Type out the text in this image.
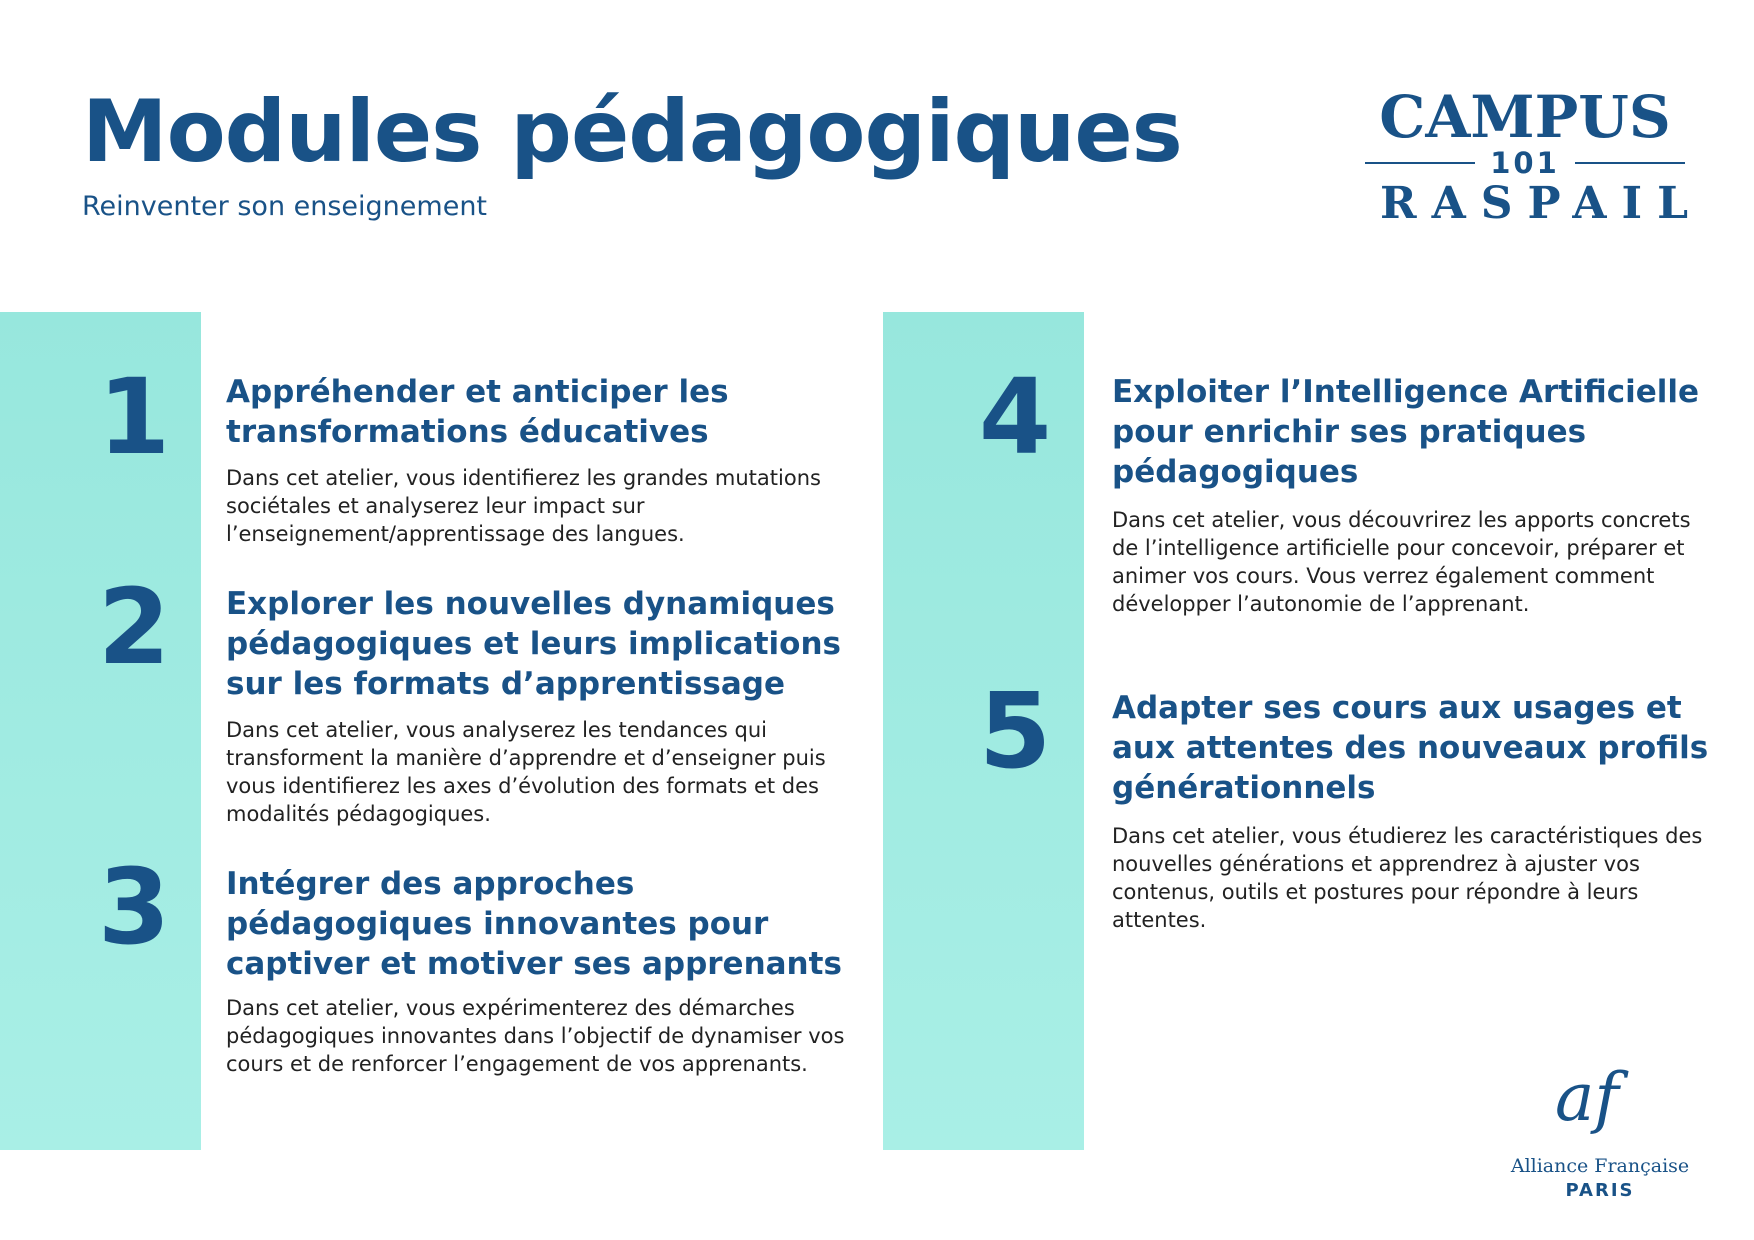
Modules pédagogiques

Reinventer son enseignement

CAMPUS
101
RASPAIL
1	Appréhender et anticiper les transformations éducatives

Dans cet atelier, vous identifierez les grandes mutations sociétales et analyserez leur impact sur l’enseignement/apprentissage des langues.

2	Explorer les nouvelles dynamiques pédagogiques et leurs implications sur les formats d’apprentissage

Dans cet atelier, vous analyserez les tendances qui transforment la manière d’apprendre et d’enseigner puis vous identifierez les axes d’évolution des formats et des modalités pédagogiques.

3	Intégrer des approches pédagogiques innovantes pour captiver et motiver ses apprenants

Dans cet atelier, vous expérimenterez des démarches pédagogiques innovantes dans l’objectif de dynamiser vos cours et de renforcer l’engagement de vos apprenants.

4	Exploiter l’Intelligence Artificielle pour enrichir ses pratiques pédagogiques

Dans cet atelier, vous découvrirez les apports concrets de l’intelligence artificielle pour concevoir, préparer et animer vos cours. Vous verrez également comment développer l’autonomie de l’apprenant.

5	Adapter ses cours aux usages et aux attentes des nouveaux profils générationnels

Dans cet atelier, vous étudierez les caractéristiques des nouvelles générations et apprendrez à ajuster vos contenus, outils et postures pour répondre à leurs attentes.

af
Alliance Française
PARIS
